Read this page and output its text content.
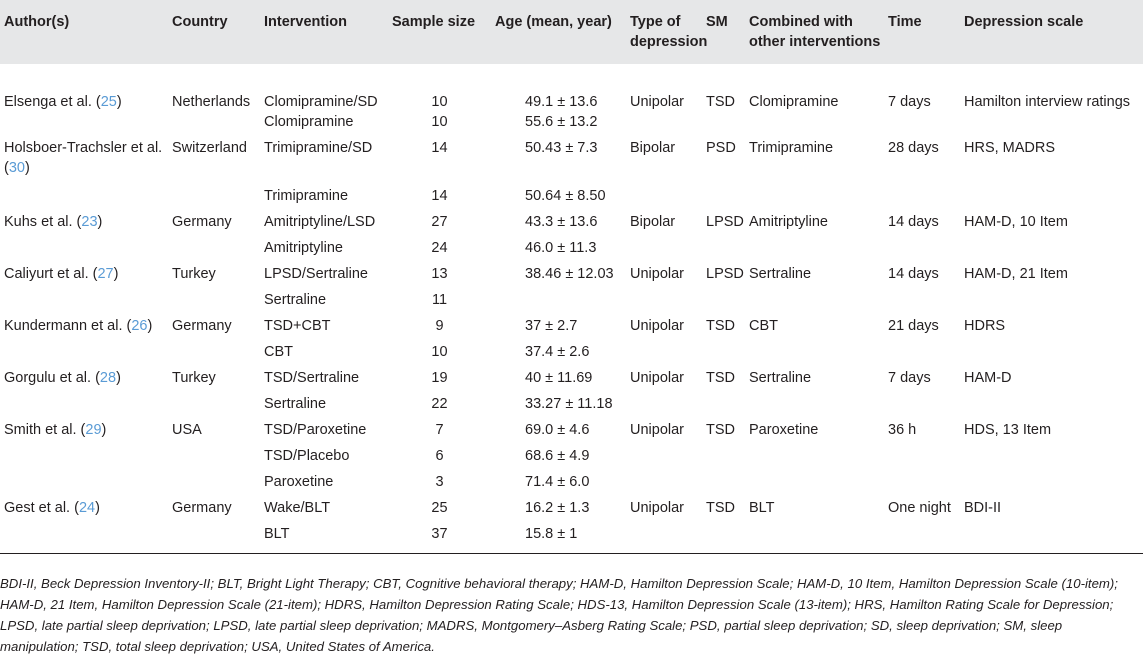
Author(s)	Country	Intervention	Sample size	Age (mean, year)	Type of depression	SM	Combined with other interventions	Time	Depression scale
Elsenga et al. (25)	Netherlands	Clomipramine/SD	10	49.1 ± 13.6	Unipolar	TSD	Clomipramine	7 days	Hamilton interview ratings
		Clomipramine	10	55.6 ± 13.2					
Holsboer-Trachsler et al. (30)	Switzerland	Trimipramine/SD	14	50.43 ± 7.3	Bipolar	PSD	Trimipramine	28 days	HRS, MADRS
		Trimipramine	14	50.64 ± 8.50					
Kuhs et al. (23)	Germany	Amitriptyline/LSD	27	43.3 ± 13.6	Bipolar	LPSD	Amitriptyline	14 days	HAM-D, 10 Item
		Amitriptyline	24	46.0 ± 11.3					
Caliyurt et al. (27)	Turkey	LPSD/Sertraline	13	38.46 ± 12.03	Unipolar	LPSD	Sertraline	14 days	HAM-D, 21 Item
		Sertraline	11						
Kundermann et al. (26)	Germany	TSD+CBT	9	37 ± 2.7	Unipolar	TSD	CBT	21 days	HDRS
		CBT	10	37.4 ± 2.6					
Gorgulu et al. (28)	Turkey	TSD/Sertraline	19	40 ± 11.69	Unipolar	TSD	Sertraline	7 days	HAM-D
		Sertraline	22	33.27 ± 11.18					
Smith et al. (29)	USA	TSD/Paroxetine	7	69.0 ± 4.6	Unipolar	TSD	Paroxetine	36 h	HDS, 13 Item
		TSD/Placebo	6	68.6 ± 4.9					
		Paroxetine	3	71.4 ± 6.0					
Gest et al. (24)	Germany	Wake/BLT	25	16.2 ± 1.3	Unipolar	TSD	BLT	One night	BDI-II
		BLT	37	15.8 ± 1					
BDI-II, Beck Depression Inventory-II; BLT, Bright Light Therapy; CBT, Cognitive behavioral therapy; HAM-D, Hamilton Depression Scale; HAM-D, 10 Item, Hamilton Depression Scale (10-item); HAM-D, 21 Item, Hamilton Depression Scale (21-item); HDRS, Hamilton Depression Rating Scale; HDS-13, Hamilton Depression Scale (13-item); HRS, Hamilton Rating Scale for Depression; LPSD, late partial sleep deprivation; LPSD, late partial sleep deprivation; MADRS, Montgomery–Asberg Rating Scale; PSD, partial sleep deprivation; SD, sleep deprivation; SM, sleep manipulation; TSD, total sleep deprivation; USA, United States of America.
